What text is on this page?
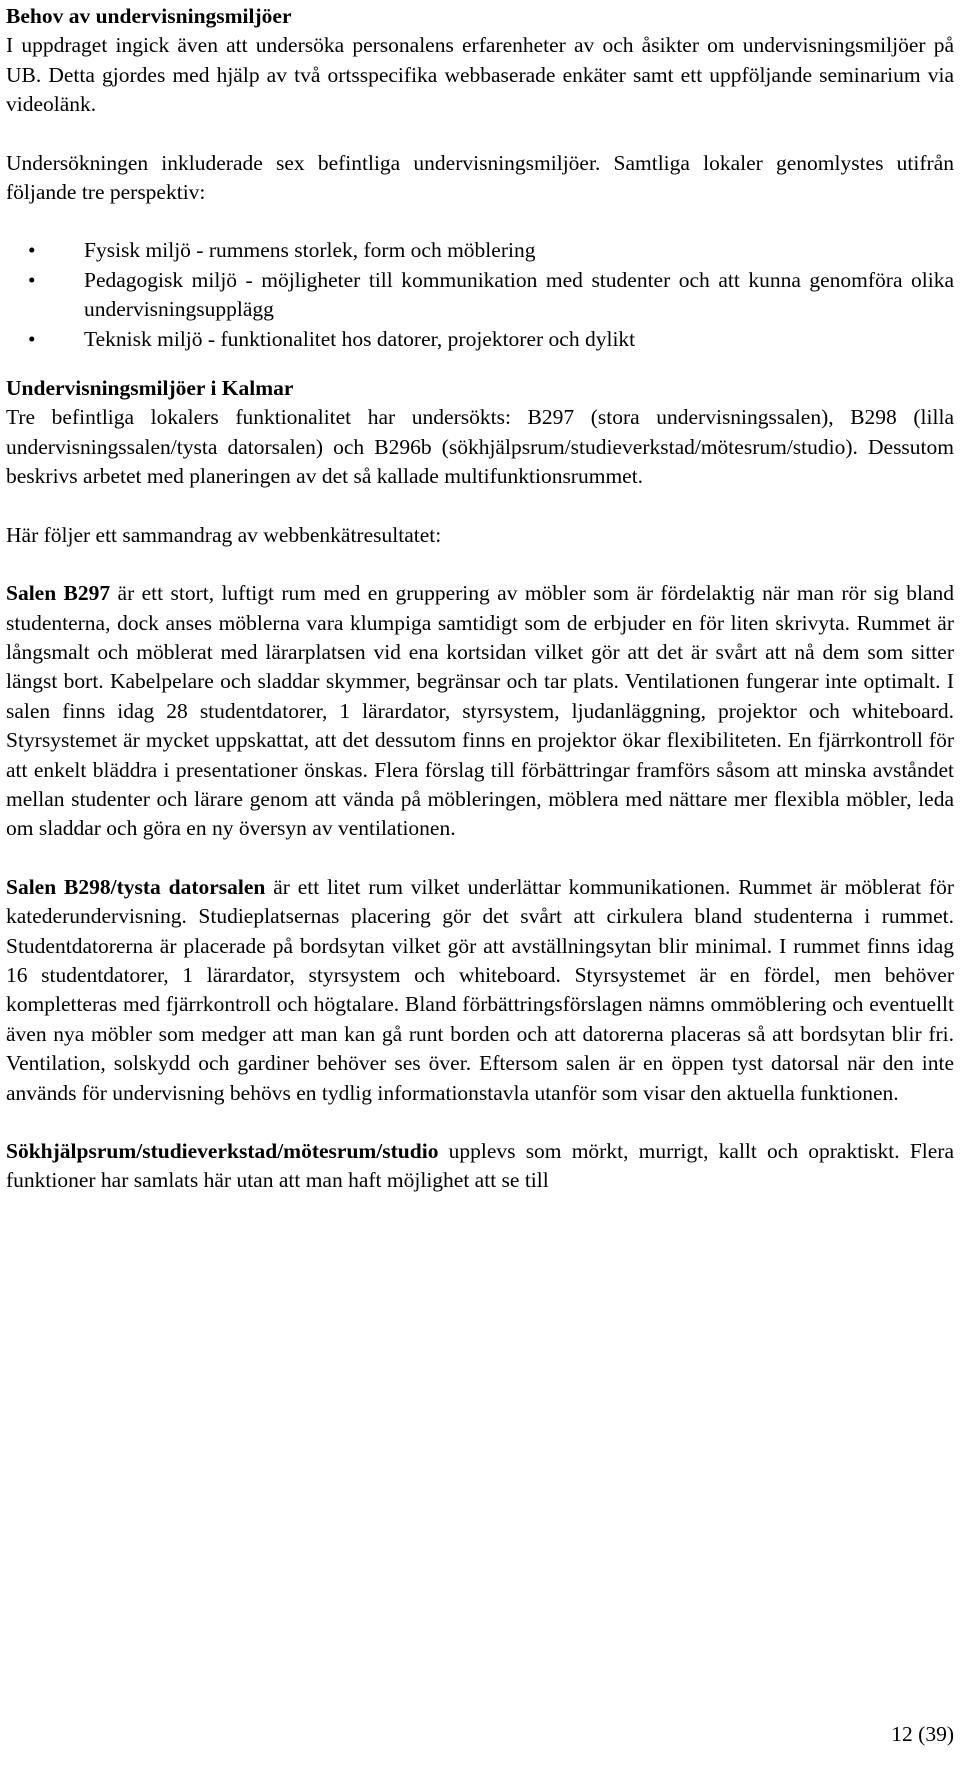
Behov av undervisningsmiljöer

I uppdraget ingick även att undersöka personalens erfarenheter av och åsikter om undervisningsmiljöer på UB. Detta gjordes med hjälp av två ortsspecifika webbaserade enkäter samt ett uppföljande seminarium via videolänk.

Undersökningen inkluderade sex befintliga undervisningsmiljöer. Samtliga lokaler genomlystes utifrån följande tre perspektiv:

• Fysisk miljö - rummens storlek, form och möblering
• Pedagogisk miljö - möjligheter till kommunikation med studenter och att kunna genomföra olika undervisningsupplägg
• Teknisk miljö - funktionalitet hos datorer, projektorer och dylikt
Undervisningsmiljöer i Kalmar

Tre befintliga lokalers funktionalitet har undersökts: B297 (stora undervisningssalen), B298 (lilla undervisningssalen/tysta datorsalen) och B296b (sökhjälpsrum/studieverkstad/mötesrum/studio). Dessutom beskrivs arbetet med planeringen av det så kallade multifunktionsrummet.

Här följer ett sammandrag av webbenkätresultatet:

Salen B297 är ett stort, luftigt rum med en gruppering av möbler som är fördelaktig när man rör sig bland studenterna, dock anses möblerna vara klumpiga samtidigt som de erbjuder en för liten skrivyta. Rummet är långsmalt och möblerat med lärarplatsen vid ena kortsidan vilket gör att det är svårt att nå dem som sitter längst bort. Kabelpelare och sladdar skymmer, begränsar och tar plats. Ventilationen fungerar inte optimalt. I salen finns idag 28 studentdatorer, 1 lärardator, styrsystem, ljudanläggning, projektor och whiteboard. Styrsystemet är mycket uppskattat, att det dessutom finns en projektor ökar flexibiliteten. En fjärrkontroll för att enkelt bläddra i presentationer önskas. Flera förslag till förbättringar framförs såsom att minska avståndet mellan studenter och lärare genom att vända på möbleringen, möblera med nättare mer flexibla möbler, leda om sladdar och göra en ny översyn av ventilationen.

Salen B298/tysta datorsalen är ett litet rum vilket underlättar kommunikationen. Rummet är möblerat för katederundervisning. Studieplatsernas placering gör det svårt att cirkulera bland studenterna i rummet. Studentdatorerna är placerade på bordsytan vilket gör att avställningsytan blir minimal. I rummet finns idag 16 studentdatorer, 1 lärardator, styrsystem och whiteboard. Styrsystemet är en fördel, men behöver kompletteras med fjärrkontroll och högtalare. Bland förbättringsförslagen nämns ommöblering och eventuellt även nya möbler som medger att man kan gå runt borden och att datorerna placeras så att bordsytan blir fri. Ventilation, solskydd och gardiner behöver ses över. Eftersom salen är en öppen tyst datorsal när den inte används för undervisning behövs en tydlig informationstavla utanför som visar den aktuella funktionen.

Sökhjälpsrum/studieverkstad/mötesrum/studio upplevs som mörkt, murrigt, kallt och opraktiskt. Flera funktioner har samlats här utan att man haft möjlighet att se till

12 (39)
